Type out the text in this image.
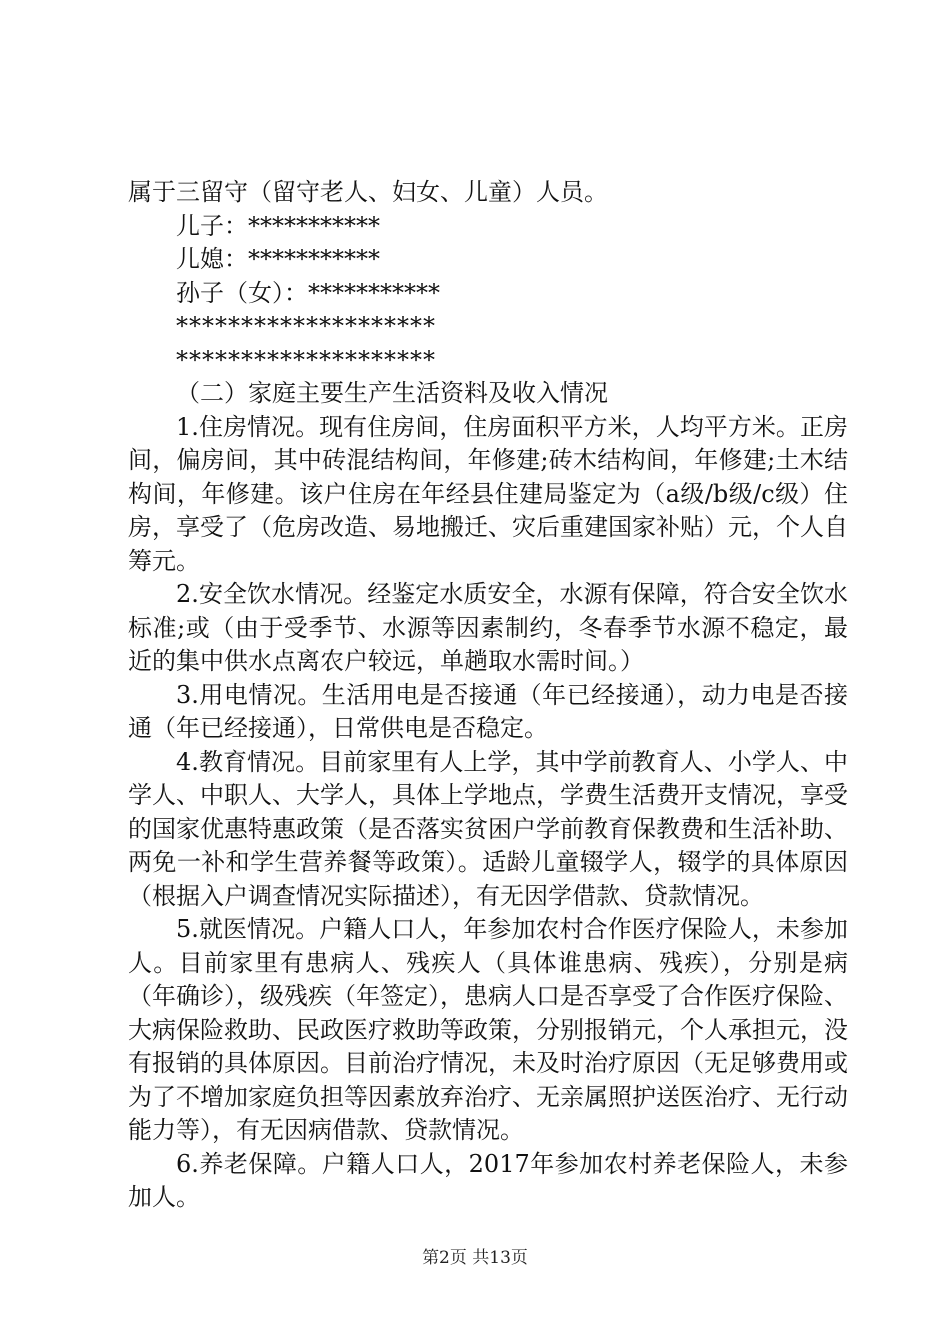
属于三留守（留守老人、妇女、儿童）人员。
儿子：***********
儿媳：***********
孙子（女）：***********
********************
********************
（二）家庭主要生产生活资料及收入情况
1.住房情况。现有住房间，住房面积平方米，人均平方米。正房间，偏房间，其中砖混结构间，年修建;砖木结构间，年修建;土木结构间，年修建。该户住房在年经县住建局鉴定为（a级/b级/c级）住房，享受了（危房改造、易地搬迁、灾后重建国家补贴）元，个人自筹元。
2.安全饮水情况。经鉴定水质安全，水源有保障，符合安全饮水标准;或（由于受季节、水源等因素制约，冬春季节水源不稳定，最近的集中供水点离农户较远，单趟取水需时间。）
3.用电情况。生活用电是否接通（年已经接通），动力电是否接通（年已经接通），日常供电是否稳定。
4.教育情况。目前家里有人上学，其中学前教育人、小学人、中学人、中职人、大学人，具体上学地点，学费生活费开支情况，享受的国家优惠特惠政策（是否落实贫困户学前教育保教费和生活补助、两免一补和学生营养餐等政策）。适龄儿童辍学人，辍学的具体原因（根据入户调查情况实际描述），有无因学借款、贷款情况。
5.就医情况。户籍人口人，年参加农村合作医疗保险人，未参加人。目前家里有患病人、残疾人（具体谁患病、残疾），分别是病（年确诊），级残疾（年签定），患病人口是否享受了合作医疗保险、大病保险救助、民政医疗救助等政策，分别报销元，个人承担元，没有报销的具体原因。目前治疗情况，未及时治疗原因（无足够费用或为了不增加家庭负担等因素放弃治疗、无亲属照护送医治疗、无行动能力等），有无因病借款、贷款情况。
6.养老保障。户籍人口人，2017年参加农村养老保险人，未参加人。
第2页 共13页
